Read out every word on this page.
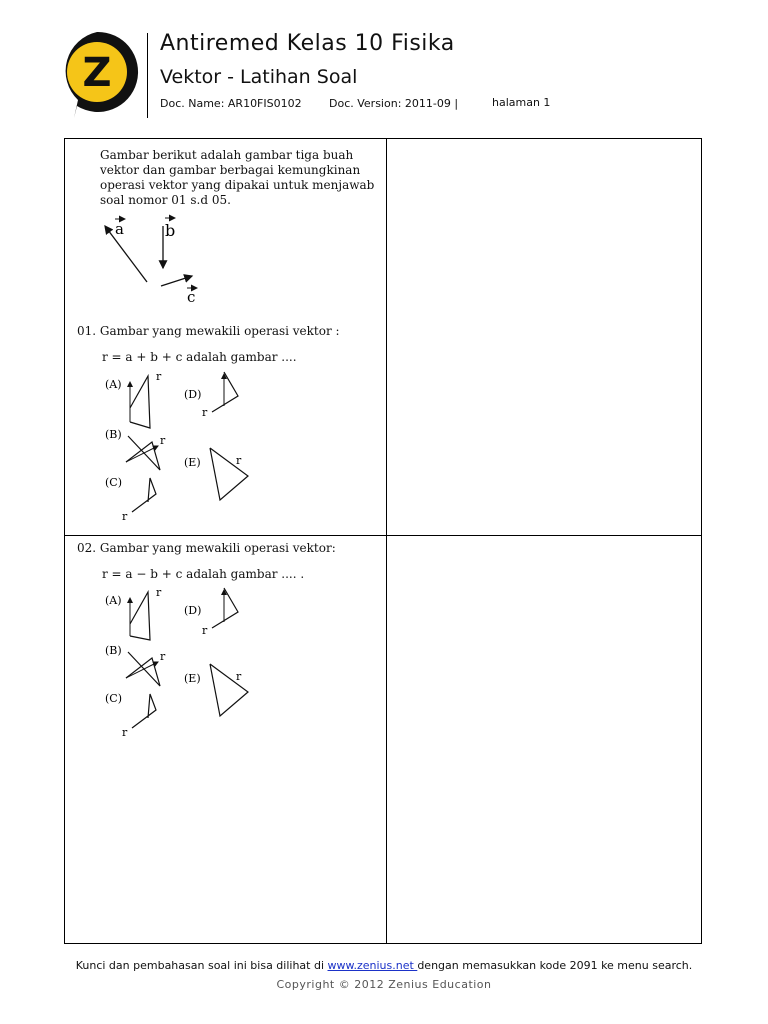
Z
Antiremed Kelas 10 Fisika
Vektor - Latihan Soal
Doc. Name: AR10FIS0102 Doc. Version: 2011-09 |	halaman 1
Gambar berikut adalah gambar tiga buah
vektor dan gambar berbagai kemungkinan
operasi vektor yang dipakai untuk menjawab
soal nomor 01 s.d 05.
a	b
c
01. Gambar yang mewakili operasi vektor :
r = a + b + c adalah gambar ....
(A)
r
(D)
r
(B)	r
(E)	r
(C)
r
02. Gambar yang mewakili operasi vektor:
r = a − b + c adalah gambar .... .
(A)
r
(D)
r
(B)	r
(E)	r
(C)
r
Kunci dan pembahasan soal ini bisa dilihat di www.zenius.net dengan memasukkan kode 2091 ke menu search.
Copyright © 2012 Zenius Education
